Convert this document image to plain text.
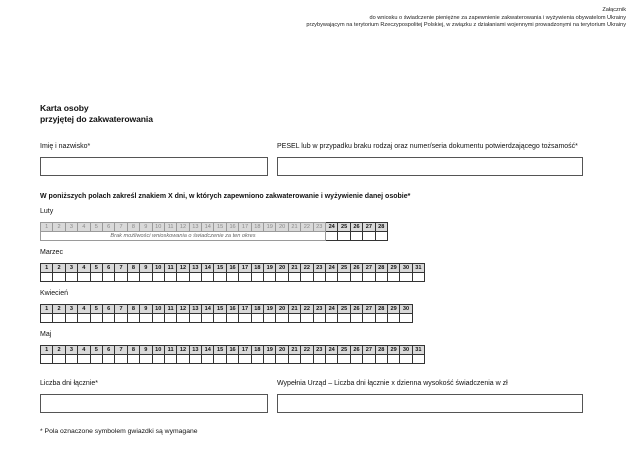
Załącznik
do wniosku o świadczenie pieniężne za zapewnienie zakwaterowania i wyżywienia obywatelom Ukrainy
przybywającym na terytorium Rzeczypospolitej Polskiej, w związku z działaniami wojennymi prowadzonymi na terytorium Ukrainy
Karta osoby
przyjętej do zakwaterowania
Imię i nazwisko*	PESEL lub w przypadku braku rodzaj oraz numer/seria dokumentu potwierdzającego tożsamość*
W poniższych polach zakreśl znakiem X dni, w których zapewniono zakwaterowanie i wyżywienie danej osobie*
Luty
1	2	3	4	5	6	7	8	9	10	11	12	13	14	15	16	17	18	19	20	21	22	23	24	25	26	27	28
Brak możliwości wnioskowania o świadczenie za ten okres																											
Marzec
1	2	3	4	5	6	7	8	9	10	11	12	13	14	15	16	17	18	19	20	21	22	23	24	25	26	27	28	29	30	31

Kwiecień
1	2	3	4	5	6	7	8	9	10	11	12	13	14	15	16	17	18	19	20	21	22	23	24	25	26	27	28	29	30

Maj
1	2	3	4	5	6	7	8	9	10	11	12	13	14	15	16	17	18	19	20	21	22	23	24	25	26	27	28	29	30	31

Liczba dni łącznie*	Wypełnia Urząd – Liczba dni łącznie x dzienna wysokość świadczenia w zł
* Pola oznaczone symbolem gwiazdki są wymagane
